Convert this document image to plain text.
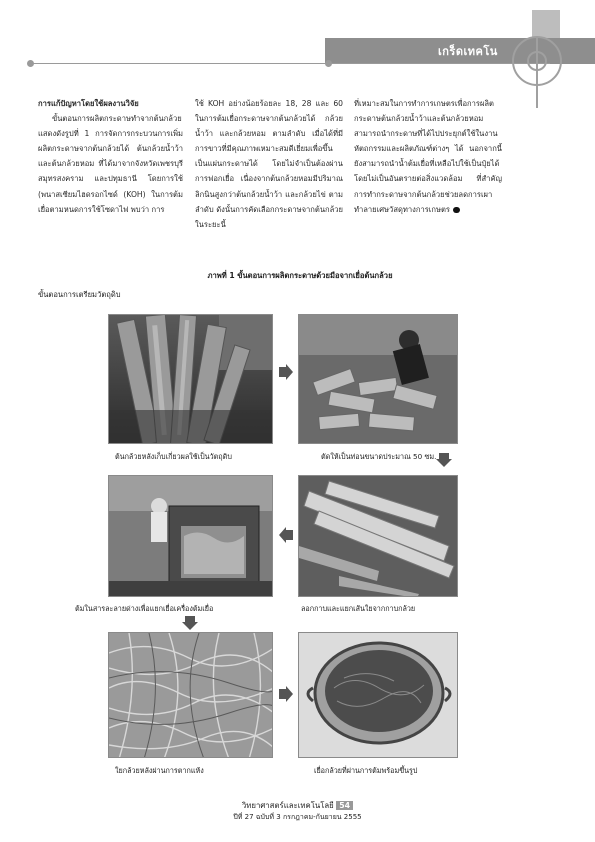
เกร็ดเทคโน

การแก้ปัญหาโดยใช้ผลงานวิจัย

ขั้นตอนการผลิตกระดาษทำจากต้นกล้วยแสดงดังรูปที่ 1 การจัดการกระบวนการเพิ่มผลิตกระดาษจากต้นกล้วยได้ ต้นกล้วยน้ำว้า และต้นกล้วยหอม ที่ได้มาจากจังหวัดเพชรบุรี สมุทรสงคราม และปทุมธานี โดยการใช้ (พนาสเซียมไฮดรอกไซด์ (KOH) ในการต้มเยื่อตามหนดการใช้โซดาไฟ พบว่า การ

ใช้ KOH อย่างน้อยร้อยละ 18, 28 และ 60 ในการต้มเยื่อกระดาษจากต้นกล้วยได้ กล้วยน้ำว้า และกล้วยหอม ตามลำดับ เมื่อได้ที่มีการขาวที่มีคุณภาพเหมาะสมดีเยี่ยมเพื่อขึ้นเป็นแผ่นกระดาษได้ โดยไม่จำเป็นต้องผ่านการฟอกเยื่อ เนื่องจากต้นกล้วยหอมมีปริมาณลิกนินสูงกว่าต้นกล้วยน้ำว้า และกล้วยไข่ ตามลำดับ ดังนั้นการคัดเลือกกระดาษจากต้นกล้วยในระยะนี้

ที่เหมาะสมในการทำการเกษตรเพื่อการผลิตกระดาษต้นกล้วยน้ำว้าและต้นกล้วยหอม สามารถนำกระดาษที่ได้ไปประยุกต์ใช้ในงานหัตถกรรมและผลิตภัณฑ์ต่างๆ ได้ นอกจากนี้ยังสามารถนำน้ำต้มเยื่อที่เหลือไปใช้เป็นปุ๋ยได้ โดยไม่เป็นอันตรายต่อสิ่งแวดล้อม ที่สำคัญการทำกระดาษจากต้นกล้วยช่วยลดการเผาทำลายเศษวัสดุทางการเกษตร

ภาพที่ 1 ขั้นตอนการผลิตกระดาษด้วยมือจากเยื่อต้นกล้วย
ขั้นตอนการเตรียมวัตถุดิบ
ต้นกล้วยหลังเก็บเกี่ยวผลใช้เป็นวัตถุดิบ	ตัดให้เป็นท่อนขนาดประมาณ 50 ซม.
ต้มในสารละลายด่างเพื่อแยกเยื่อเครื่องต้มเยื่อ	ลอกกาบและแยกเส้นใยจากกาบกล้วย
ใยกล้วยหลังผ่านการตากแห้ง	เยื่อกล้วยที่ผ่านการต้มพร้อมขึ้นรูป
วิทยาศาสตร์และเทคโนโลยี 54
ปีที่ 27 ฉบับที่ 3 กรกฎาคม-กันยายน 2555
